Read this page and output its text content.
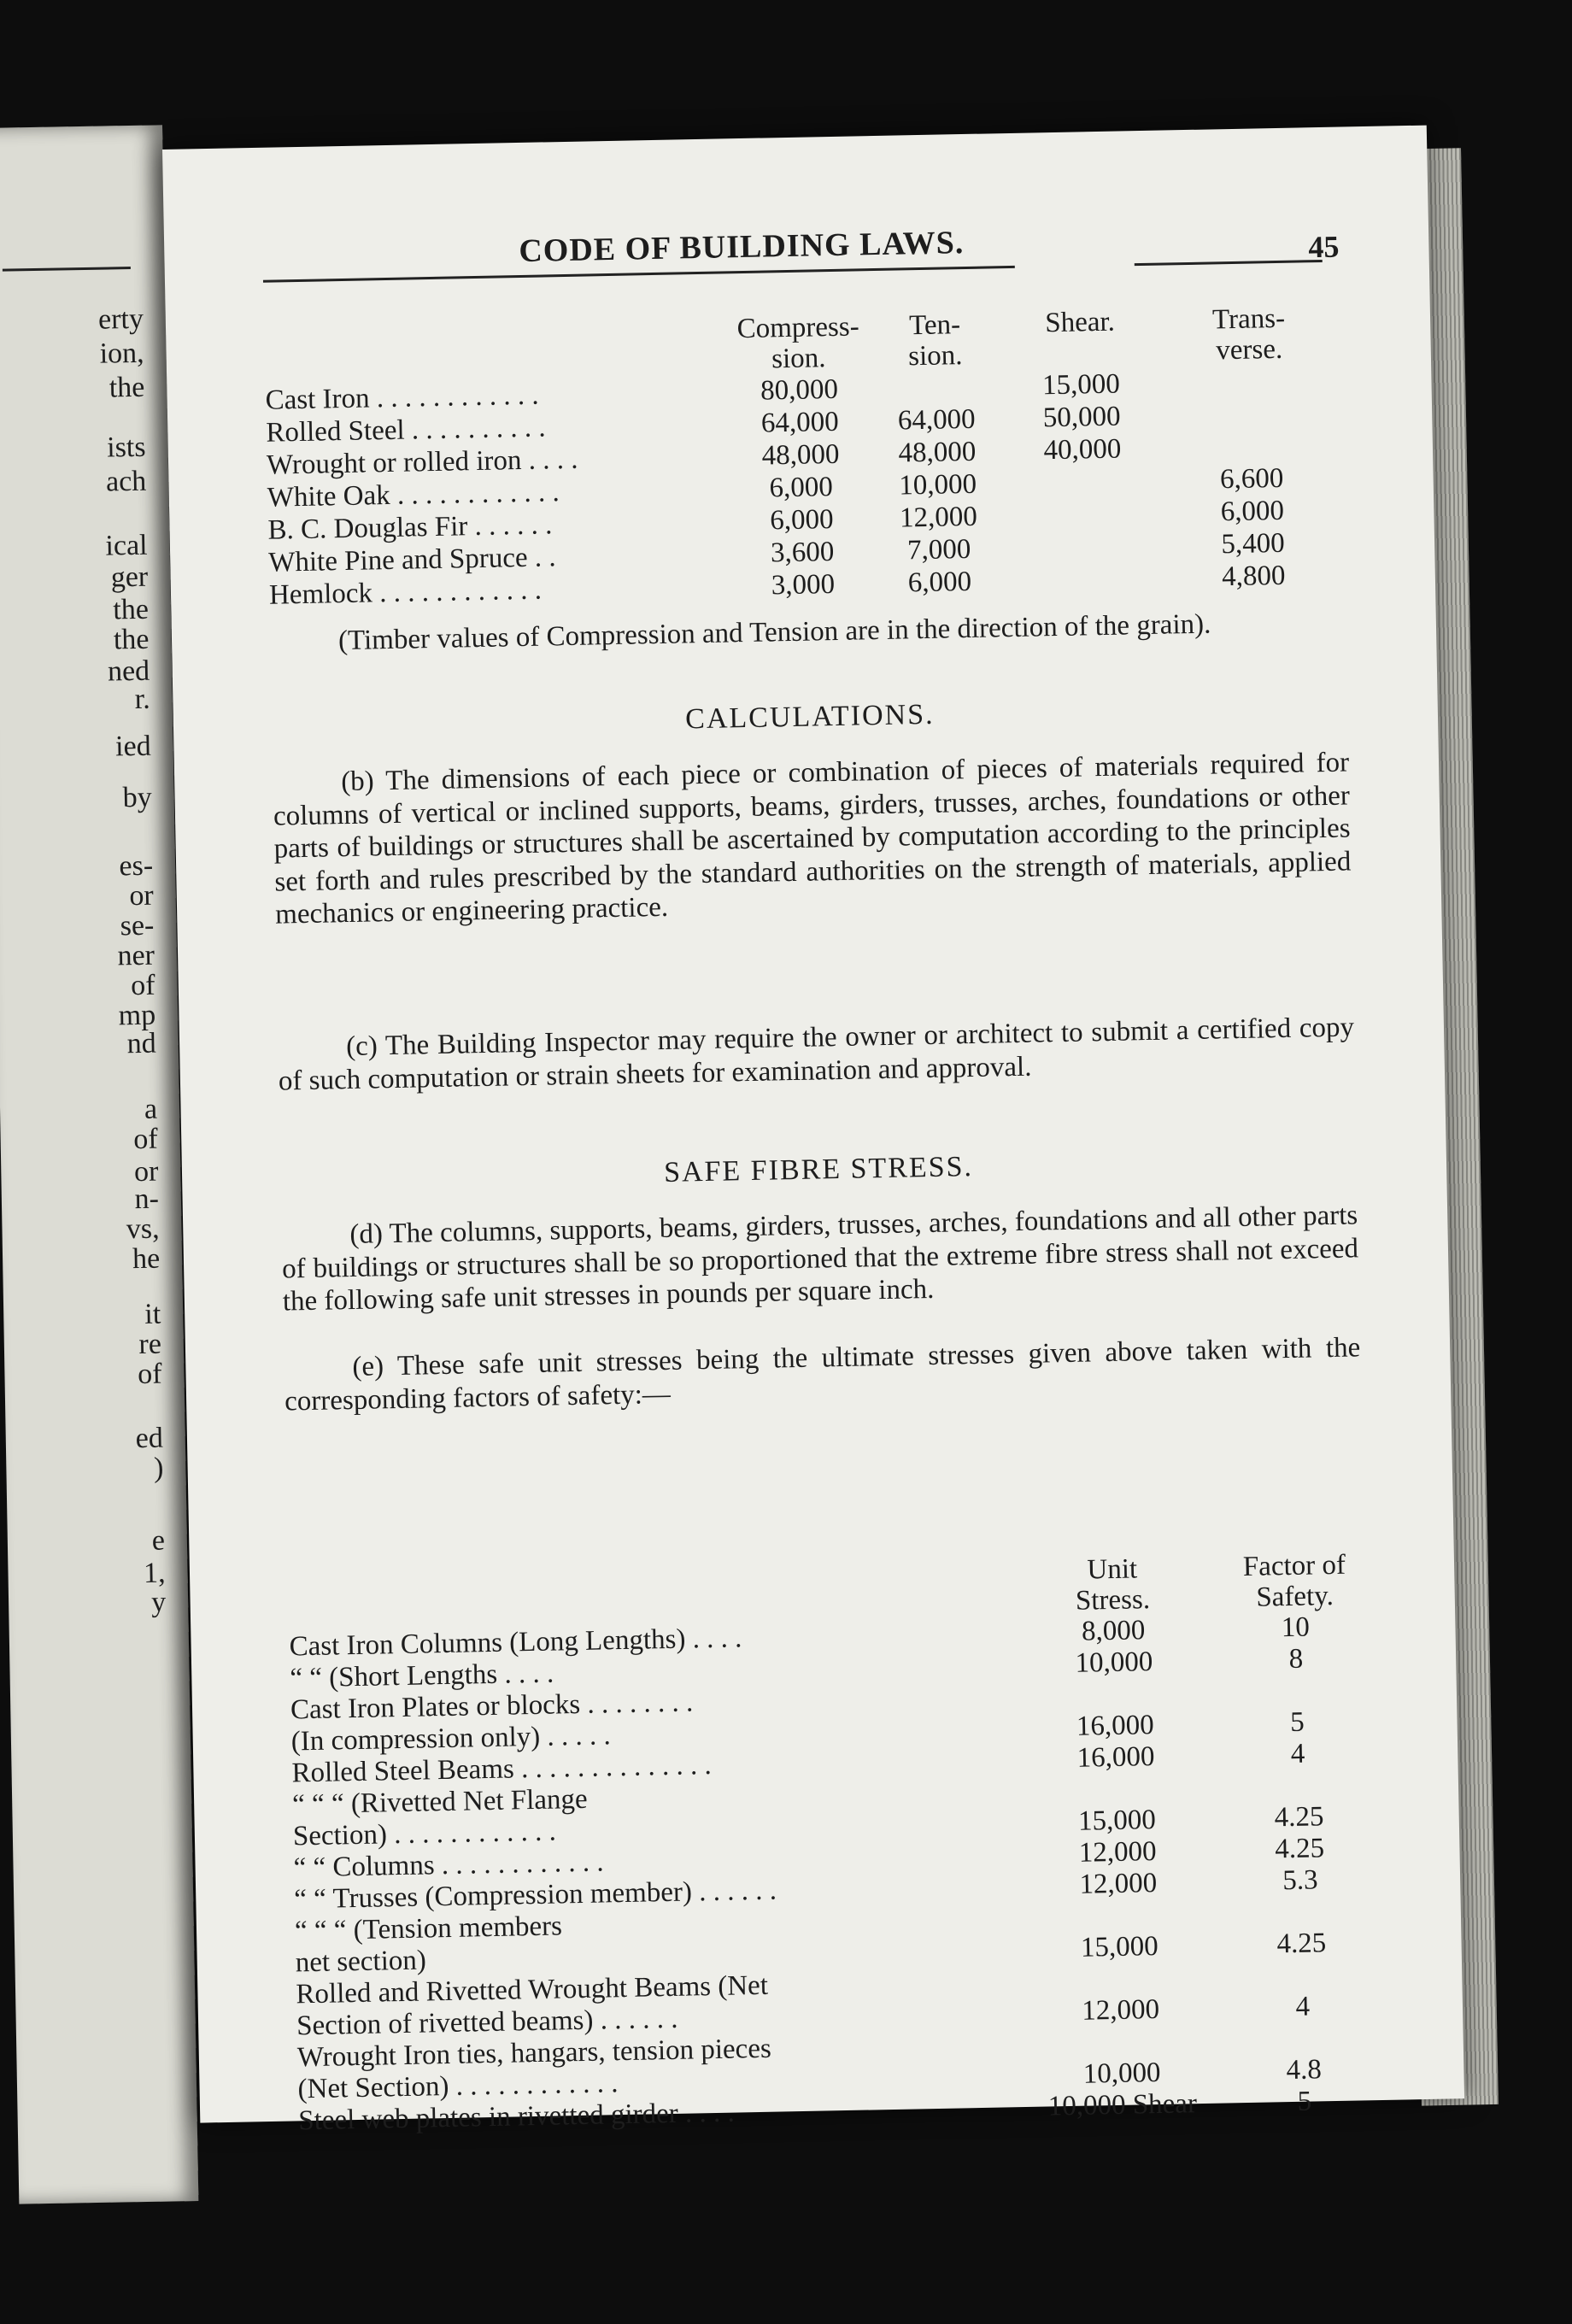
erty
ion,
the
ists
ach
ical
ger
the
the
ned
r.
ied
by
es-
or
se-
ner
of
mp
nd
a
of
or
n-
vs,
he
it
re
of
ed
)
e
1,
y
CODE OF BUILDING LAWS.	45
	Compress-
sion.	Ten-
sion.	Shear.	Trans-
verse.
Cast Iron . . . . . . . . . . . .	80,000		15,000	
Rolled Steel . . . . . . . . . .	64,000	64,000	50,000	
Wrought or rolled iron . . . .	48,000	48,000	40,000	
White Oak . . . . . . . . . . . .	6,000	10,000		6,600
B. C. Douglas Fir . . . . . .	6,000	12,000		6,000
White Pine and Spruce . .	3,600	7,000		5,400
Hemlock . . . . . . . . . . . .	3,000	6,000		4,800
(Timber values of Compression and Tension are in the direction of the grain).
CALCULATIONS.
(b) The dimensions of each piece or combination of pieces of materials required for columns of vertical or inclined supports, beams, girders, trusses, arches, foundations or other parts of buildings or structures shall be ascertained by computation according to the principles set forth and rules prescribed by the standard authorities on the strength of materials, applied mechanics or engineering practice.
(c) The Building Inspector may require the owner or architect to submit a certified copy of such computation or strain sheets for examination and approval.
SAFE FIBRE STRESS.
(d) The columns, supports, beams, girders, trusses, arches, foundations and all other parts of buildings or structures shall be so proportioned that the extreme fibre stress shall not exceed the following safe unit stresses in pounds per square inch.
(e) These safe unit stresses being the ultimate stresses given above taken with the corresponding factors of safety:—
	Unit
Stress.	Factor of
Safety.
Cast Iron Columns (Long Lengths) . . . .	8,000	10
“ “ (Short Lengths . . . .	10,000	8
Cast Iron Plates or blocks . . . . . . . .
(In compression only) . . . . .	16,000	5
Rolled Steel Beams . . . . . . . . . . . . . .	16,000	4
“ “ “ (Rivetted Net Flange
Section) . . . . . . . . . . . .	15,000	4.25
“ “ Columns . . . . . . . . . . . .	12,000	4.25
“ “ Trusses (Compression member) . . . . . .	12,000	5.3
“ “ “ (Tension members
net section)	15,000	4.25
Rolled and Rivetted Wrought Beams (Net
Section of rivetted beams) . . . . . .	12,000	4
Wrought Iron ties, hangars, tension pieces
(Net Section) . . . . . . . . . . . .	10,000	4.8
Steel web plates in rivetted girder . . . .	10,000 Shear	5
